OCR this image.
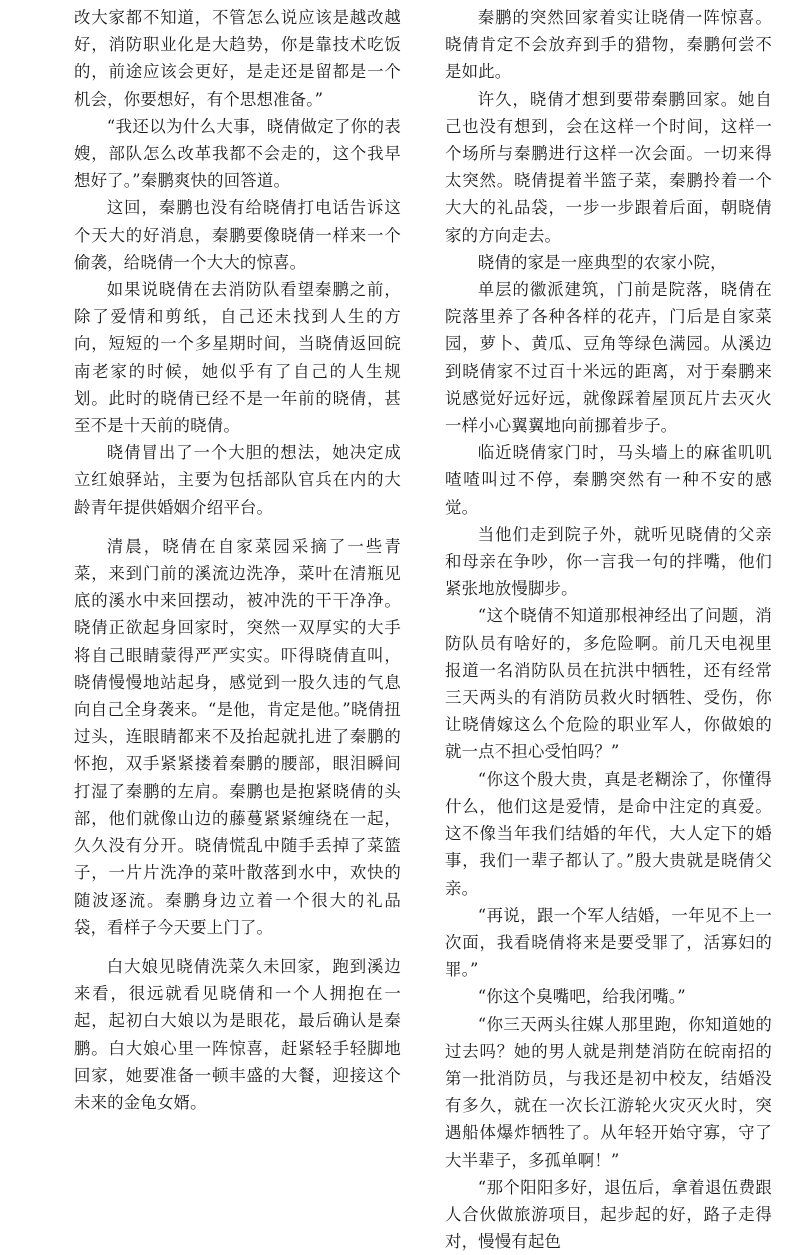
改大家都不知道，不管怎么说应该是越改越好，消防职业化是大趋势，你是靠技术吃饭的，前途应该会更好，是走还是留都是一个机会，你要想好，有个思想准备。”

“我还以为什么大事，晓倩做定了你的表嫂，部队怎么改革我都不会走的，这个我早想好了。”秦鹏爽快的回答道。

这回，秦鹏也没有给晓倩打电话告诉这个天大的好消息，秦鹏要像晓倩一样来一个偷袭，给晓倩一个大大的惊喜。

如果说晓倩在去消防队看望秦鹏之前，除了爱情和剪纸，自己还未找到人生的方向，短短的一个多星期时间，当晓倩返回皖南老家的时候，她似乎有了自己的人生规划。此时的晓倩已经不是一年前的晓倩，甚至不是十天前的晓倩。

晓倩冒出了一个大胆的想法，她决定成立红娘驿站，主要为包括部队官兵在内的大龄青年提供婚姻介绍平台。

清晨，晓倩在自家菜园采摘了一些青菜，来到门前的溪流边洗净，菜叶在清瓶见底的溪水中来回摆动，被冲洗的干干净净。晓倩正欲起身回家时，突然一双厚实的大手将自己眼睛蒙得严严实实。吓得晓倩直叫，晓倩慢慢地站起身，感觉到一股久违的气息向自己全身袭来。“是他，肯定是他。”晓倩扭过头，连眼睛都来不及抬起就扎进了秦鹏的怀抱，双手紧紧搂着秦鹏的腰部，眼泪瞬间打湿了秦鹏的左肩。秦鹏也是抱紧晓倩的头部，他们就像山边的藤蔓紧紧缠绕在一起，久久没有分开。晓倩慌乱中随手丢掉了菜篮子，一片片洗净的菜叶散落到水中，欢快的随波逐流。秦鹏身边立着一个很大的礼品袋，看样子今天要上门了。

白大娘见晓倩洗菜久未回家，跑到溪边来看，很远就看见晓倩和一个人拥抱在一起，起初白大娘以为是眼花，最后确认是秦鹏。白大娘心里一阵惊喜，赶紧轻手轻脚地回家，她要准备一顿丰盛的大餐，迎接这个未来的金龟女婿。

秦鹏的突然回家着实让晓倩一阵惊喜。晓倩肯定不会放弃到手的猎物，秦鹏何尝不是如此。

许久，晓倩才想到要带秦鹏回家。她自己也没有想到，会在这样一个时间，这样一个场所与秦鹏进行这样一次会面。一切来得太突然。晓倩提着半篮子菜，秦鹏拎着一个大大的礼品袋，一步一步跟着后面，朝晓倩家的方向走去。

晓倩的家是一座典型的农家小院，

单层的徽派建筑，门前是院落，晓倩在院落里养了各种各样的花卉，门后是自家菜园，萝卜、黄瓜、豆角等绿色满园。从溪边到晓倩家不过百十米远的距离，对于秦鹏来说感觉好远好远，就像踩着屋顶瓦片去灭火一样小心翼翼地向前挪着步子。

临近晓倩家门时，马头墙上的麻雀叽叽喳喳叫过不停，秦鹏突然有一种不安的感觉。

当他们走到院子外，就听见晓倩的父亲和母亲在争吵，你一言我一句的拌嘴，他们紧张地放慢脚步。

“这个晓倩不知道那根神经出了问题，消防队员有啥好的，多危险啊。前几天电视里报道一名消防队员在抗洪中牺牲，还有经常三天两头的有消防员救火时牺牲、受伤，你让晓倩嫁这么个危险的职业军人，你做娘的就一点不担心受怕吗？”

“你这个殷大贵，真是老糊涂了，你懂得什么，他们这是爱情，是命中注定的真爱。这不像当年我们结婚的年代，大人定下的婚事，我们一辈子都认了。”殷大贵就是晓倩父亲。

“再说，跟一个军人结婚，一年见不上一次面，我看晓倩将来是要受罪了，活寡妇的罪。”

“你这个臭嘴吧，给我闭嘴。”

“你三天两头往媒人那里跑，你知道她的过去吗？她的男人就是荆楚消防在皖南招的第一批消防员，与我还是初中校友，结婚没有多久，就在一次长江游轮火灾灭火时，突遇船体爆炸牺牲了。从年轻开始守寡，守了大半辈子，多孤单啊！”

“那个阳阳多好，退伍后，拿着退伍费跟人合伙做旅游项目，起步起的好，路子走得对，慢慢有起色
